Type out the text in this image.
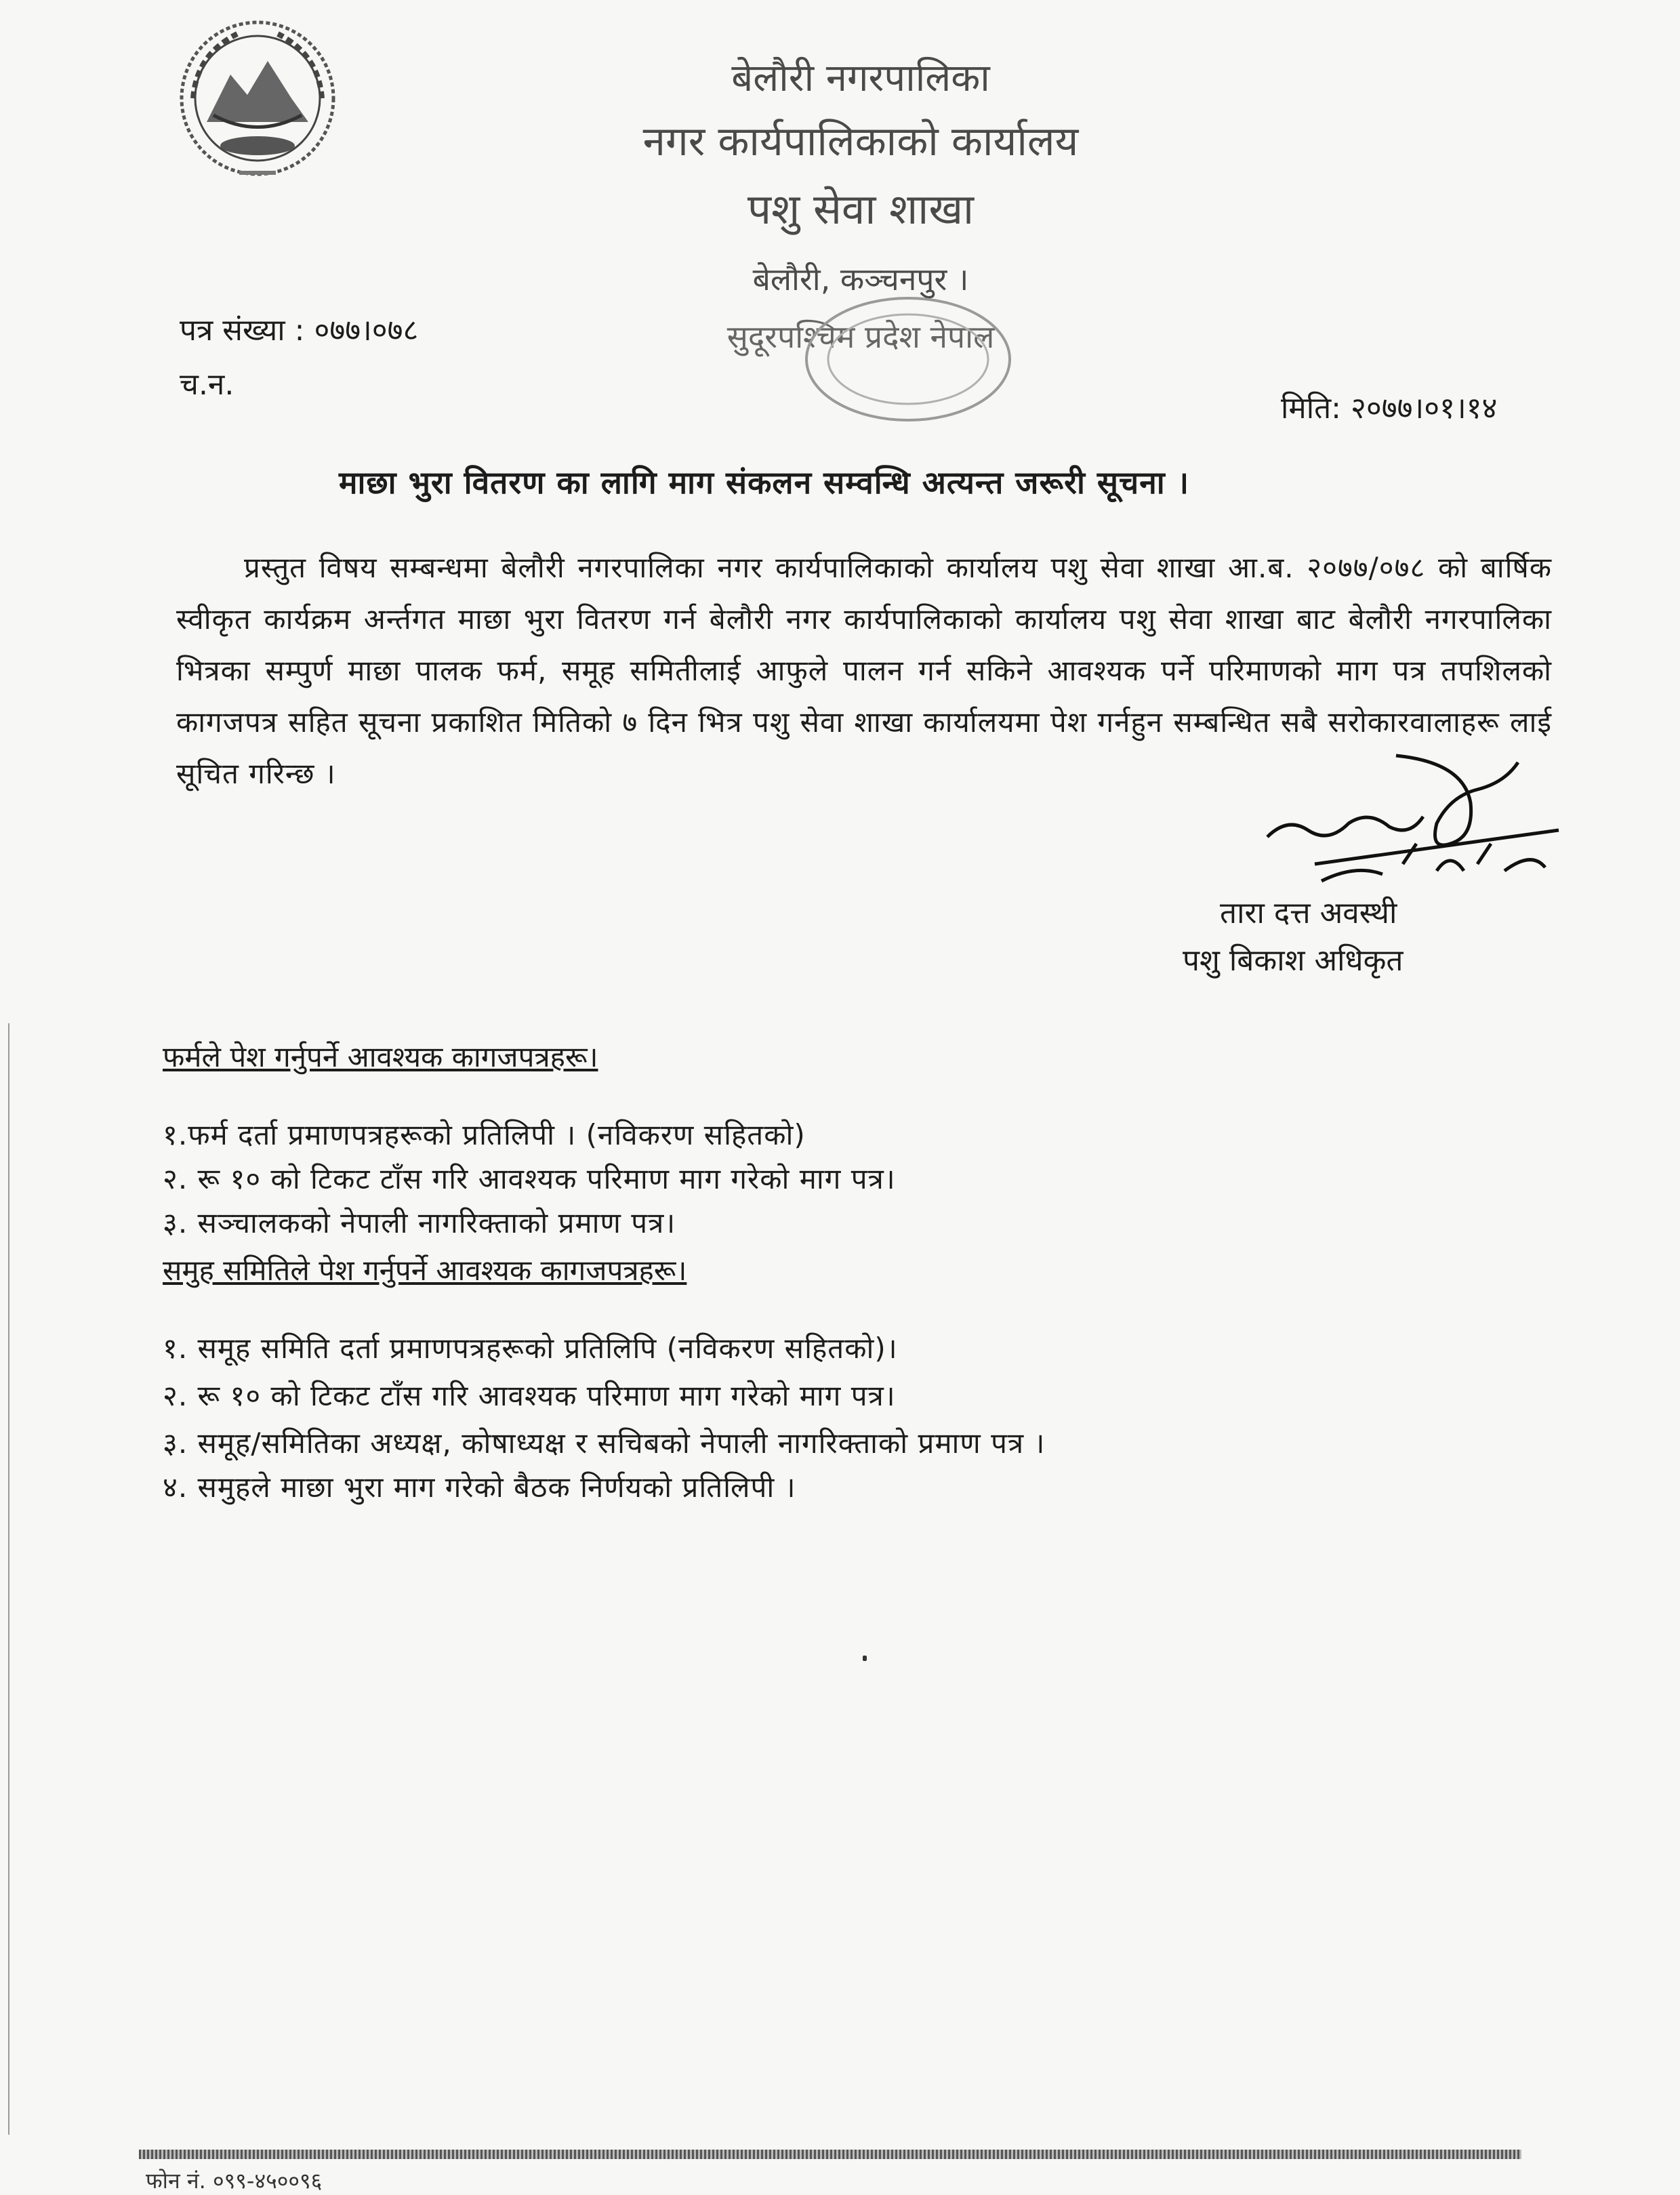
बेलौरी नगरपालिका
नगर कार्यपालिकाको कार्यालय
पशु सेवा शाखा
बेलौरी, कञ्चनपुर ।
सुदूरपश्चिम प्रदेश नेपाल
पत्र संख्या : ०७७।०७८
च.न.
मिति: २०७७।०१।१४
माछा भुरा वितरण का लागि माग संकलन सम्वन्धि अत्यन्त जरूरी सूचना ।
प्रस्तुत विषय सम्बन्धमा बेलौरी नगरपालिका नगर कार्यपालिकाको कार्यालय पशु सेवा शाखा आ.ब. २०७७/०७८ को बार्षिक स्वीकृत कार्यक्रम अर्न्तगत माछा भुरा वितरण गर्न बेलौरी नगर कार्यपालिकाको कार्यालय पशु सेवा शाखा बाट बेलौरी नगरपालिका भित्रका सम्पुर्ण माछा पालक फर्म, समूह समितीलाई आफुले पालन गर्न सकिने आवश्यक पर्ने परिमाणको माग पत्र तपशिलको कागजपत्र सहित सूचना प्रकाशित मितिको ७ दिन भित्र पशु सेवा शाखा कार्यालयमा पेश गर्नहुन सम्बन्धित सबै सरोकारवालाहरू लाई सूचित गरिन्छ ।
तारा दत्त अवस्थी
पशु बिकाश अधिकृत
फर्मले पेश गर्नुपर्ने आवश्यक कागजपत्रहरू।
१.फर्म दर्ता प्रमाणपत्रहरूको प्रतिलिपी । (नविकरण सहितको)
२. रू १० को टिकट टाँस गरि आवश्यक परिमाण माग गरेको माग पत्र।
३. सञ्चालकको नेपाली नागरिक्ताको प्रमाण पत्र।
समुह समितिले पेश गर्नुपर्ने आवश्यक कागजपत्रहरू।
१. समूह समिति दर्ता प्रमाणपत्रहरूको प्रतिलिपि (नविकरण सहितको)।
२. रू १० को टिकट टाँस गरि आवश्यक परिमाण माग गरेको माग पत्र।
३. समूह/समितिका अध्यक्ष, कोषाध्यक्ष र सचिबको नेपाली नागरिक्ताको प्रमाण पत्र ।
४. समुहले माछा भुरा माग गरेको बैठक निर्णयको प्रतिलिपी ।
फोन नं. ०९९-४५००९६
